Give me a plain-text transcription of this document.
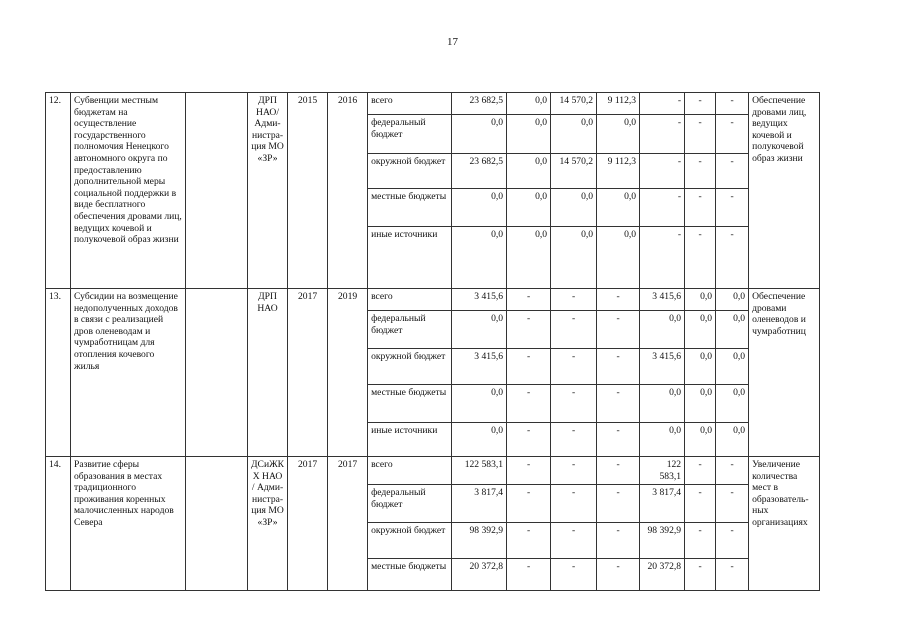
17
12.	Субвенции местным бюджетам на осуществление государственного полномочия Ненецкого автономного округа по предоставлению дополнительной меры социальной поддержки в виде бесплатного обеспечения дровами лиц, ведущих кочевой и полукочевой образ жизни		ДРП НАО/ Адми-нистра-ция МО «ЗР»	2015	2016	всего	23 682,5	0,0	14 570,2	9 112,3	-	-	-	Обеспечение дровами лиц, ведущих кочевой и полукочевой образ жизни
						федеральный бюджет	0,0	0,0	0,0	0,0	-	-	-	
						окружной бюджет	23 682,5	0,0	14 570,2	9 112,3	-	-	-	
						местные бюджеты	0,0	0,0	0,0	0,0	-	-	-	
						иные источники	0,0	0,0	0,0	0,0	-	-	-	
13.	Субсидии на возмещение недополученных доходов в связи с реализацией дров оленеводам и чумработницам для отопления кочевого жилья		ДРП НАО	2017	2019	всего	3 415,6	-	-	-	3 415,6	0,0	0,0	Обеспечение дровами оленеводов и чумработниц
						федеральный бюджет	0,0	-	-	-	0,0	0,0	0,0	
						окружной бюджет	3 415,6	-	-	-	3 415,6	0,0	0,0	
						местные бюджеты	0,0	-	-	-	0,0	0,0	0,0	
						иные источники	0,0	-	-	-	0,0	0,0	0,0	
14.	Развитие сферы образования в местах традиционного проживания коренных малочисленных народов Севера		ДСиЖК Х НАО / Адми-нистра-ция МО «ЗР»	2017	2017	всего	122 583,1	-	-	-	122 583,1	-	-	Увеличение количества мест в образователь-ных организациях
						федеральный бюджет	3 817,4	-	-	-	3 817,4	-	-	
						окружной бюджет	98 392,9	-	-	-	98 392,9	-	-	
						местные бюджеты	20 372,8	-	-	-	20 372,8	-	-	
